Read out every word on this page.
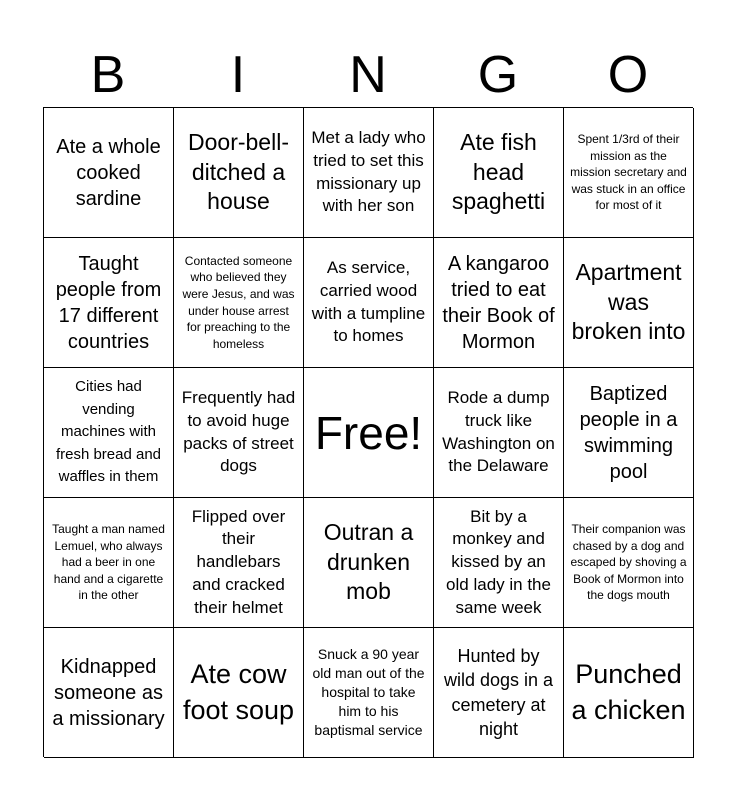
B	I	N	G	O
Ate a whole cooked sardine
Door-bell-ditched a house
Met a lady who tried to set this missionary up with her son
Ate fish head spaghetti
Spent 1/3rd of their mission as the mission secretary and was stuck in an office for most of it
Taught people from 17 different countries
Contacted someone who believed they were Jesus, and was under house arrest for preaching to the homeless
As service, carried wood with a tumpline to homes
A kangaroo tried to eat their Book of Mormon
Apartment was broken into
Cities had vending machines with fresh bread and waffles in them
Frequently had to avoid huge packs of street dogs
Free!
Rode a dump truck like Washington on the Delaware
Baptized people in a swimming pool
Taught a man named Lemuel, who always had a beer in one hand and a cigarette in the other
Flipped over their handlebars and cracked their helmet
Outran a drunken mob
Bit by a monkey and kissed by an old lady in the same week
Their companion was chased by a dog and escaped by shoving a Book of Mormon into the dogs mouth
Kidnapped someone as a missionary
Ate cow foot soup
Snuck a 90 year old man out of the hospital to take him to his baptismal service
Hunted by wild dogs in a cemetery at night
Punched a chicken
